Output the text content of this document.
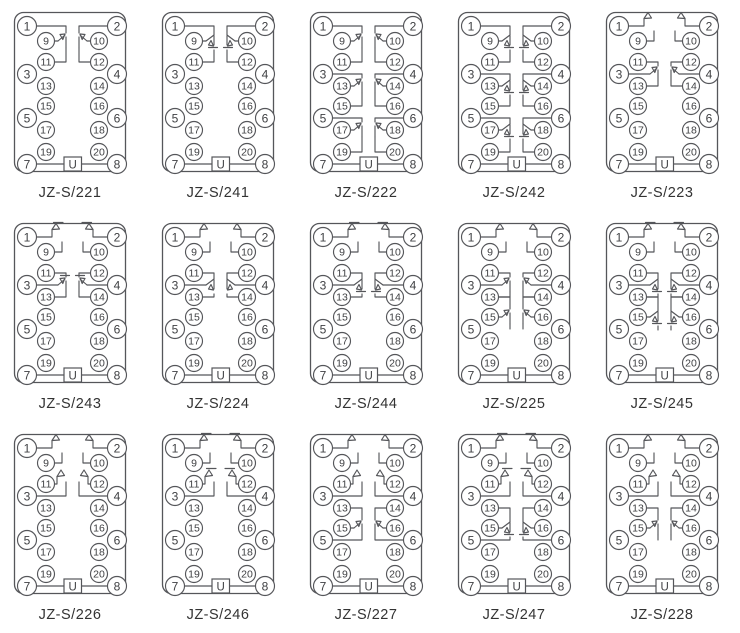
U
1	2
3	4
5	6
7	8
9	10
11	12
13	14
15	16
17	18
19	20
JZ-S/221
U
1	2
3	4
5	6
7	8
9	10
11	12
13	14
15	16
17	18
19	20
JZ-S/241
U
1	2
3	4
5	6
7	8
9	10
11	12
13	14
15	16
17	18
19	20
JZ-S/222
U
1	2
3	4
5	6
7	8
9	10
11	12
13	14
15	16
17	18
19	20
JZ-S/242
U
1	2
3	4
5	6
7	8
9	10
11	12
13	14
15	16
17	18
19	20
JZ-S/223
U
1	2
3	4
5	6
7	8
9	10
11	12
13	14
15	16
17	18
19	20
JZ-S/243
U
1	2
3	4
5	6
7	8
9	10
11	12
13	14
15	16
17	18
19	20
JZ-S/224
U
1	2
3	4
5	6
7	8
9	10
11	12
13	14
15	16
17	18
19	20
JZ-S/244
U
1	2
3	4
5	6
7	8
9	10
11	12
13	14
15	16
17	18
19	20
JZ-S/225
U
1	2
3	4
5	6
7	8
9	10
11	12
13	14
15	16
17	18
19	20
JZ-S/245
U
1	2
3	4
5	6
7	8
9	10
11	12
13	14
15	16
17	18
19	20
JZ-S/226
U
1	2
3	4
5	6
7	8
9	10
11	12
13	14
15	16
17	18
19	20
JZ-S/246
U
1	2
3	4
5	6
7	8
9	10
11	12
13	14
15	16
17	18
19	20
JZ-S/227
U
1	2
3	4
5	6
7	8
9	10
11	12
13	14
15	16
17	18
19	20
JZ-S/247
U
1	2
3	4
5	6
7	8
9	10
11	12
13	14
15	16
17	18
19	20
JZ-S/228
